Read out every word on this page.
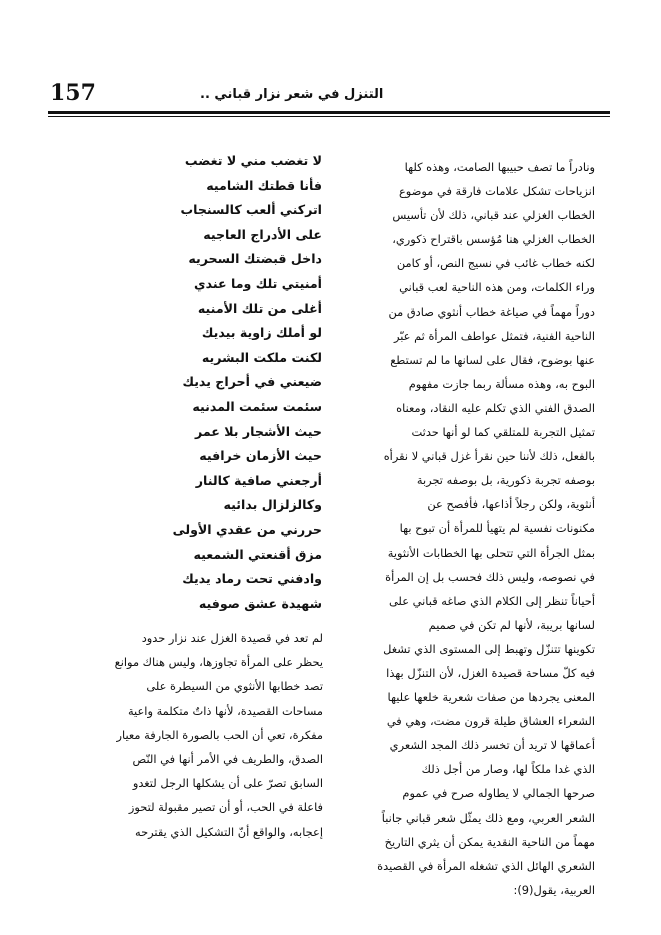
157	التنزل في شعر نزار قباني ..
ونادراً ما تصف حبيبها الصامت، وهذه كلها
انزياحات تشكل علامات فارقة في موضوع
الخطاب الغزلي عند قباني، ذلك لأن تأسيس
الخطاب الغزلي هنا مُؤسس باقتراح ذكوري،
لكنه خطاب غائب في نسيج النص، أو كامن
وراء الكلمات، ومن هذه الناحية لعب قباني
دوراً مهماً في صياغة خطاب أنثوي صادق من
الناحية الفنية، فتمثل عواطف المرأة ثم عبّر
عنها بوضوح، فقال على لسانها ما لم تستطع
البوح به، وهذه مسألة ربما جازت مفهوم
الصدق الفني الذي تكلم عليه النقاد، ومعناه
تمثيل التجربة للمتلقي كما لو أنها حدثت
بالفعل، ذلك لأننا حين نقرأ غزل قباني لا نقرأه
بوصفه تجربة ذكورية، بل بوصفه تجربة
أنثوية، ولكن رجلاً أذاعها، فأفصح عن
مكنونات نفسية لم يتهيأ للمرأة أن تبوح بها
بمثل الجرأة التي تتحلى بها الخطابات الأنثوية
في نصوصه، وليس ذلك فحسب بل إن المرأة
أحياناً تنظر إلى الكلام الذي صاغه قباني على
لسانها بريبة، لأنها لم تكن في صميم
تكوينها تتنزّل وتهبط إلى المستوى الذي تشغل
فيه كلّ مساحة قصيدة الغزل، لأن التنزّل بهذا
المعنى يجردها من صفات شعرية خلعها عليها
الشعراء العشاق طيلة قرون مضت، وهي في
أعماقها لا تريد أن تخسر ذلك المجد الشعري
الذي غدا ملكاً لها، وصار من أجل ذلك
صرحها الجمالي لا يطاوله صرح في عموم
الشعر العربي، ومع ذلك يمثّل شعر قباني جانباً
مهماً من الناحية النقدية يمكن أن يثري التاريخ
الشعري الهائل الذي تشغله المرأة في القصيدة
العربية، يقول(9):
لا تغضب مني لا تغضب
فأنا قطتك الشاميه
اتركني ألعب كالسنجاب
على الأدراج العاجيه
داخل قبضتك السحريه
أمنيتي تلك وما عندي
أغلى من تلك الأمنيه
لو أملك زاوية بيديك
لكنت ملكت البشريه
ضيعني في أحراج يديك
سئمت سئمت المدنيه
حيث الأشجار بلا عمر
حيث الأزمان خرافيه
أرجعني صافية كالنار
وكالزلزال بدائيه
حررني من عقدي الأولى
مزق أقنعتي الشمعيه
وادفني تحت رماد يديك
شهيدة عشق صوفيه
لم تعد في قصيدة الغزل عند نزار حدود
يحظر على المرأة تجاوزها، وليس هناك موانع
تصد خطابها الأنثوي من السيطرة على
مساحات القصيدة، لأنها ذاتٌ متكلمة واعية
مفكرة، تعي أن الحب بالصورة الجارفة معيار
الصدق، والطريف في الأمر أنها في النّص
السابق تصرّ على أن يشكلها الرجل لتغدو
فاعلة في الحب، أو أن تصير مقبولة لتحوز
إعجابه، والواقع أنّ التشكيل الذي يقترحه
